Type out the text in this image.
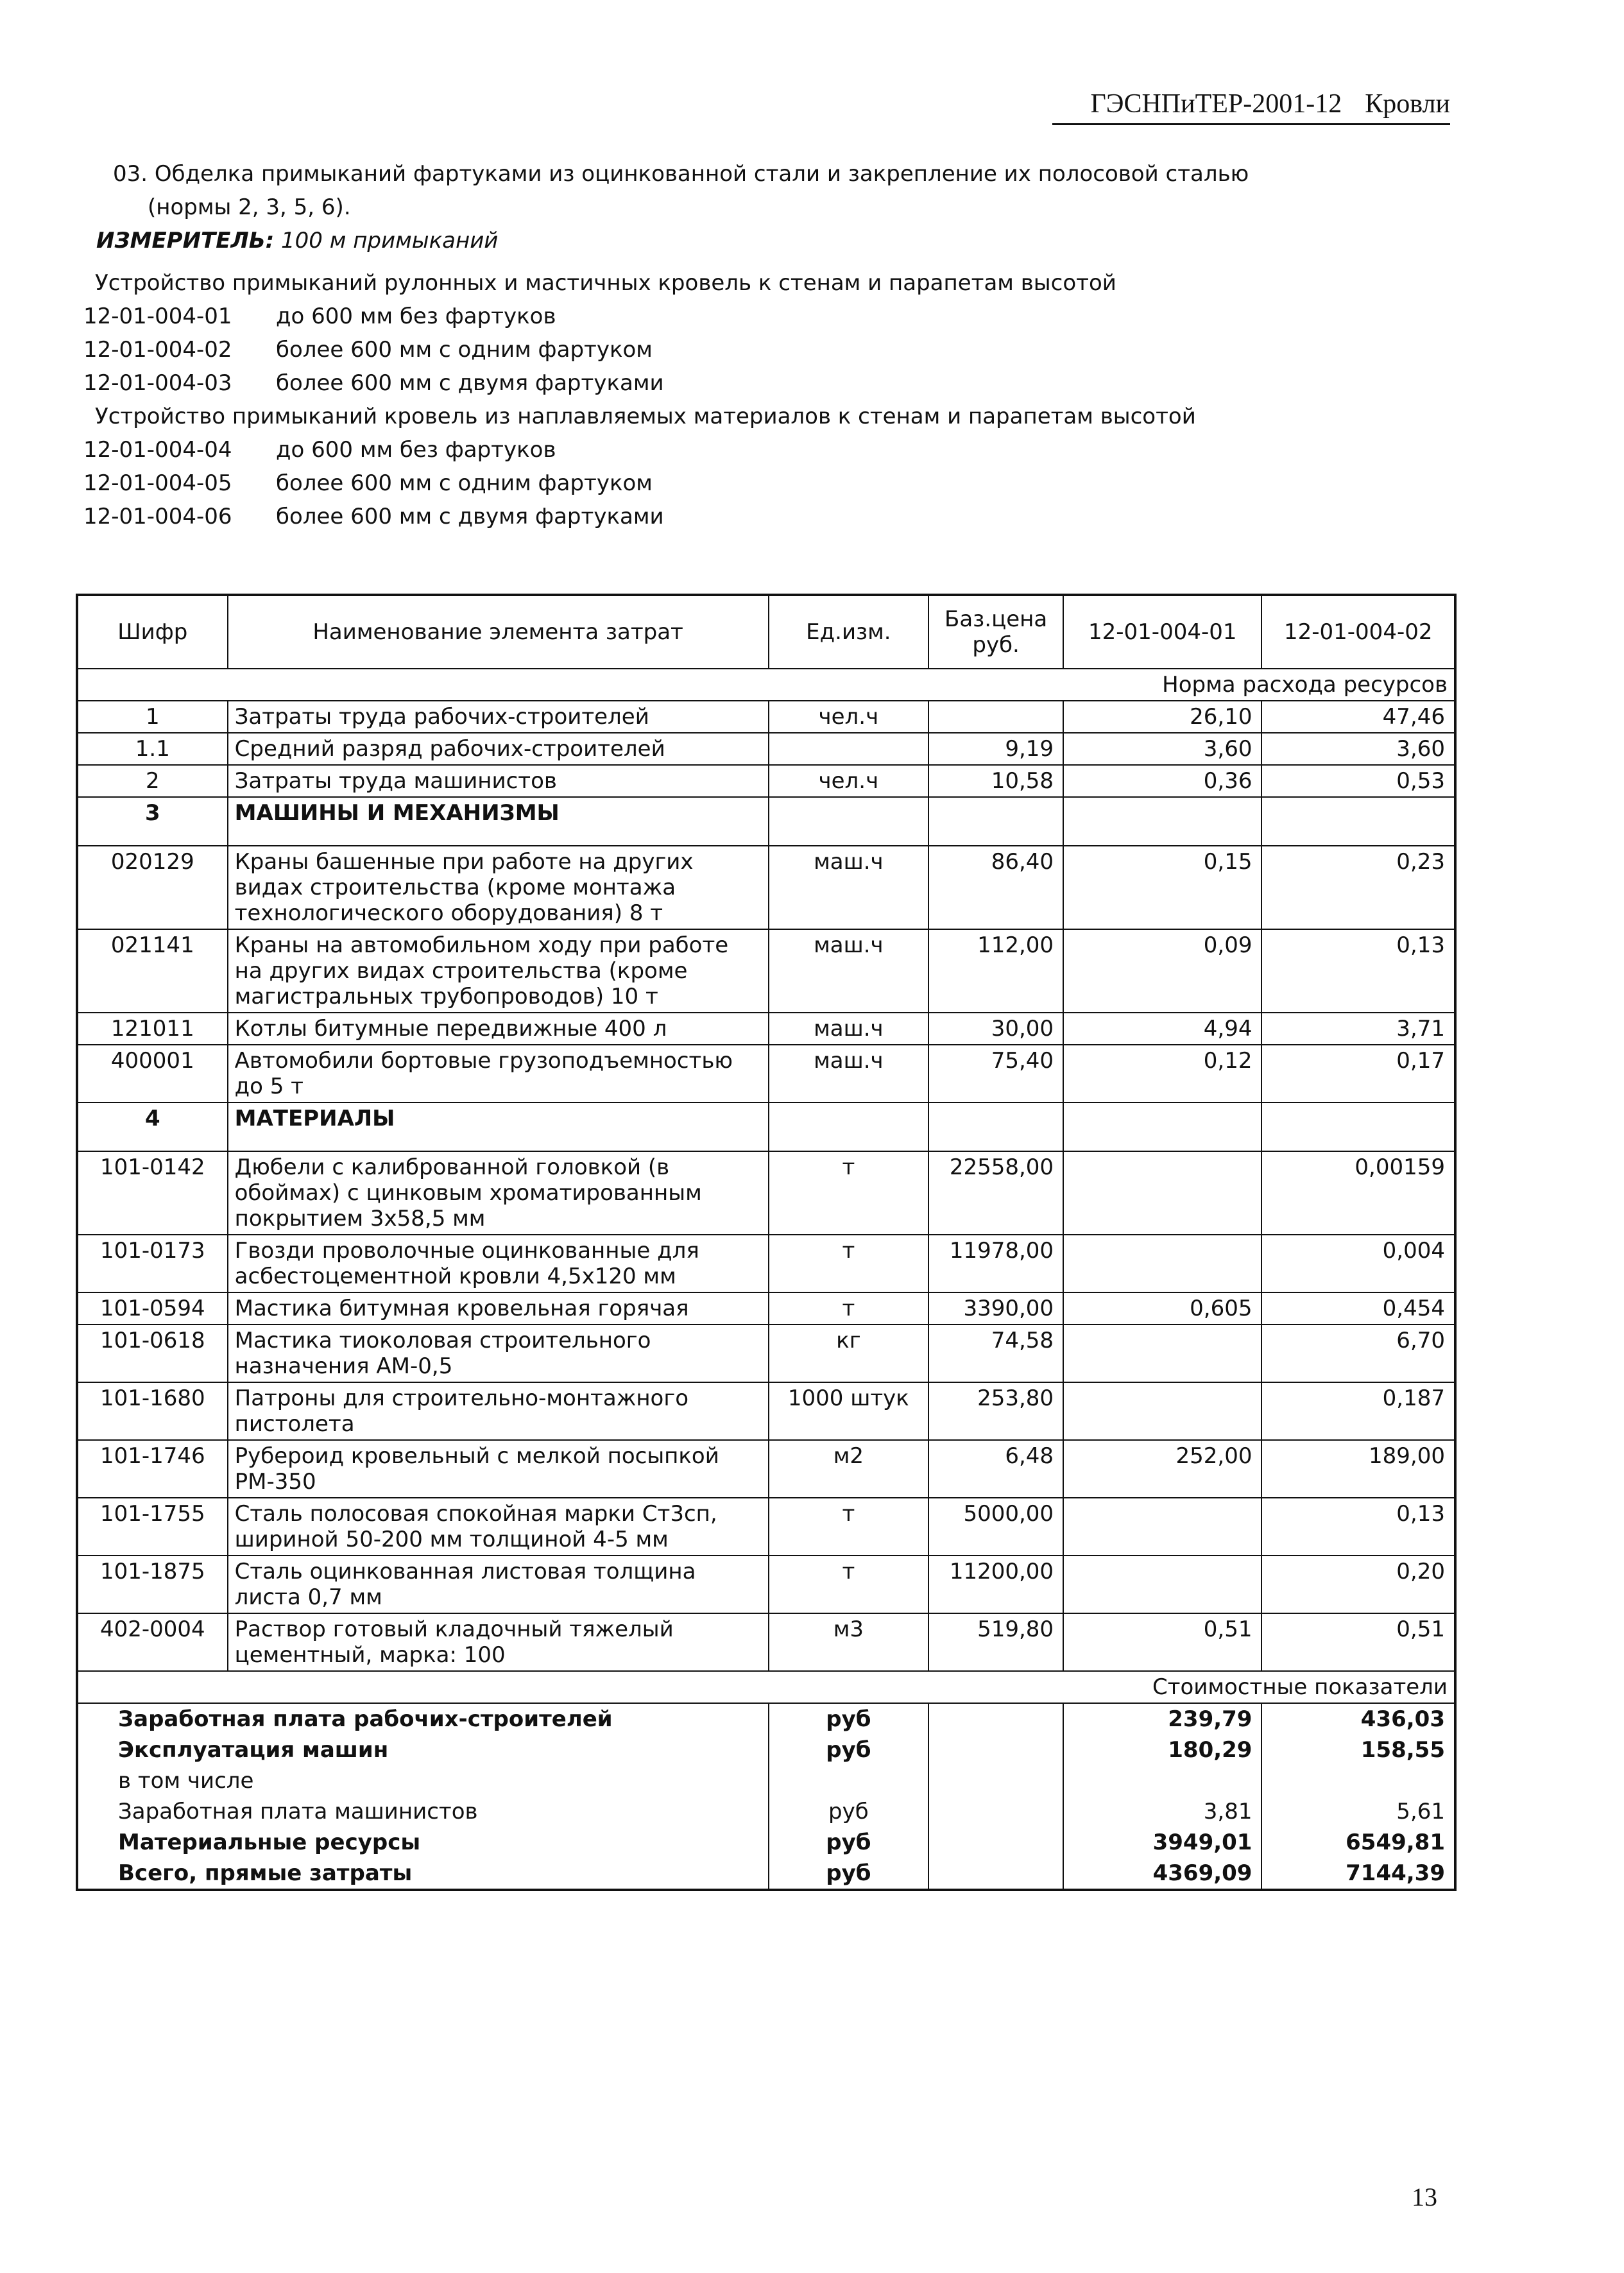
ГЭСНПиТЕР-2001-12 Кровли
03. Обделка примыканий фартуками из оцинкованной стали и закрепление их полосовой сталью
(нормы 2, 3, 5, 6).
ИЗМЕРИТЕЛЬ: 100 м примыканий
Устройство примыканий рулонных и мастичных кровель к стенам и парапетам высотой
12-01-004-01	до 600 мм без фартуков
12-01-004-02	более 600 мм с одним фартуком
12-01-004-03	более 600 мм с двумя фартуками
Устройство примыканий кровель из наплавляемых материалов к стенам и парапетам высотой
12-01-004-04	до 600 мм без фартуков
12-01-004-05	более 600 мм с одним фартуком
12-01-004-06	более 600 мм с двумя фартуками
Шифр	Наименование элемента затрат	Ед.изм.	Баз.цена руб.	12-01-004-01	12-01-004-02
Норма расхода ресурсов					
1	Затраты труда рабочих-строителей	чел.ч		26,10	47,46
1.1	Средний разряд рабочих-строителей		9,19	3,60	3,60
2	Затраты труда машинистов	чел.ч	10,58	0,36	0,53
3	МАШИНЫ И МЕХАНИЗМЫ				
020129	Краны башенные при работе на других видах строительства (кроме монтажа технологического оборудования) 8 т	маш.ч	86,40	0,15	0,23
021141	Краны на автомобильном ходу при работе на других видах строительства (кроме магистральных трубопроводов) 10 т	маш.ч	112,00	0,09	0,13
121011	Котлы битумные передвижные 400 л	маш.ч	30,00	4,94	3,71
400001	Автомобили бортовые грузоподъемностью до 5 т	маш.ч	75,40	0,12	0,17
4	МАТЕРИАЛЫ				
101-0142	Дюбели с калиброванной головкой (в обоймах) с цинковым хроматированным покрытием 3х58,5 мм	т	22558,00		0,00159
101-0173	Гвозди проволочные оцинкованные для асбестоцементной кровли 4,5х120 мм	т	11978,00		0,004
101-0594	Мастика битумная кровельная горячая	т	3390,00	0,605	0,454
101-0618	Мастика тиоколовая строительного назначения АМ-0,5	кг	74,58		6,70
101-1680	Патроны для строительно-монтажного пистолета	1000 штук	253,80		0,187
101-1746	Рубероид кровельный с мелкой посыпкой РМ-350	м2	6,48	252,00	189,00
101-1755	Сталь полосовая спокойная марки Ст3сп, шириной 50-200 мм толщиной 4-5 мм	т	5000,00		0,13
101-1875	Сталь оцинкованная листовая толщина листа 0,7 мм	т	11200,00		0,20
402-0004	Раствор готовый кладочный тяжелый цементный, марка: 100	м3	519,80	0,51	0,51
Стоимостные показатели					
Заработная плата рабочих-строителей		руб		239,79	436,03
Эксплуатация машин		руб		180,29	158,55
в том числе					
Заработная плата машинистов		руб		3,81	5,61
Материальные ресурсы		руб		3949,01	6549,81
Всего, прямые затраты		руб		4369,09	7144,39
13
